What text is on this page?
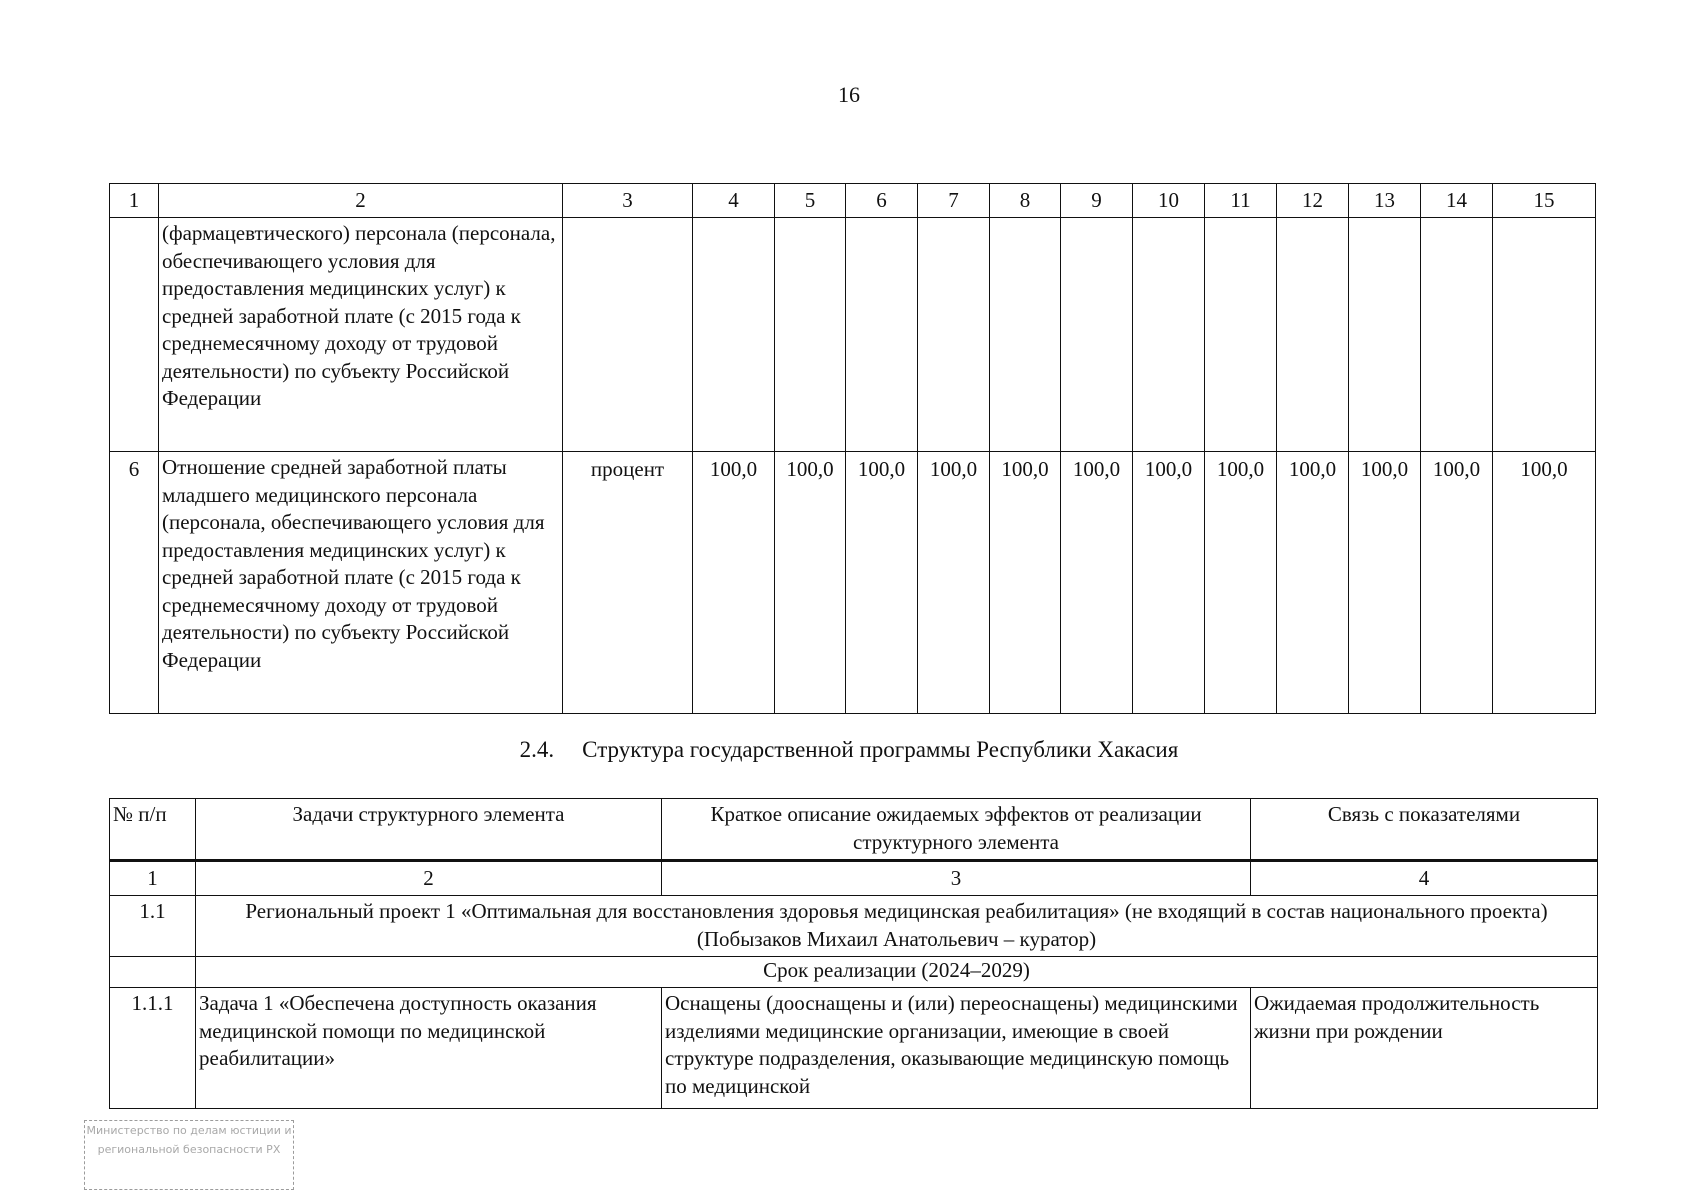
16
1	2	3	4	5	6	7	8	9	10	11	12	13	14	15
	(фармацевтического) персонала (персонала, обеспечивающего условия для предоставления медицинских услуг) к средней заработной плате (с 2015 года к среднемесячному доходу от трудовой деятельности) по субъекту Российской Федерации													
6	Отношение средней заработной платы младшего медицинского персонала (персонала, обеспечивающего условия для предоставления медицинских услуг) к средней заработной плате (с 2015 года к среднемесячному доходу от трудовой деятельности) по субъекту Российской Федерации	процент	100,0	100,0	100,0	100,0	100,0	100,0	100,0	100,0	100,0	100,0	100,0	100,0
2.4. Структура государственной программы Республики Хакасия
№ п/п	Задачи структурного элемента	Краткое описание ожидаемых эффектов от реализации структурного элемента	Связь с показателями
1	2	3	4
1.1	Региональный проект 1 «Оптимальная для восстановления здоровья медицинская реабилитация» (не входящий в состав национального проекта) (Побызаков Михаил Анатольевич – куратор)		
	Срок реализации (2024–2029)		
1.1.1	Задача 1 «Обеспечена доступность оказания медицинской помощи по медицинской реабилитации»	Оснащены (дооснащены и (или) переоснащены) медицинскими изделиями медицинские организации, имеющие в своей структуре подразделения, оказывающие медицинскую помощь по медицинской	Ожидаемая продолжительность жизни при рождении
Министерство по делам юстиции и региональной безопасности РХ
